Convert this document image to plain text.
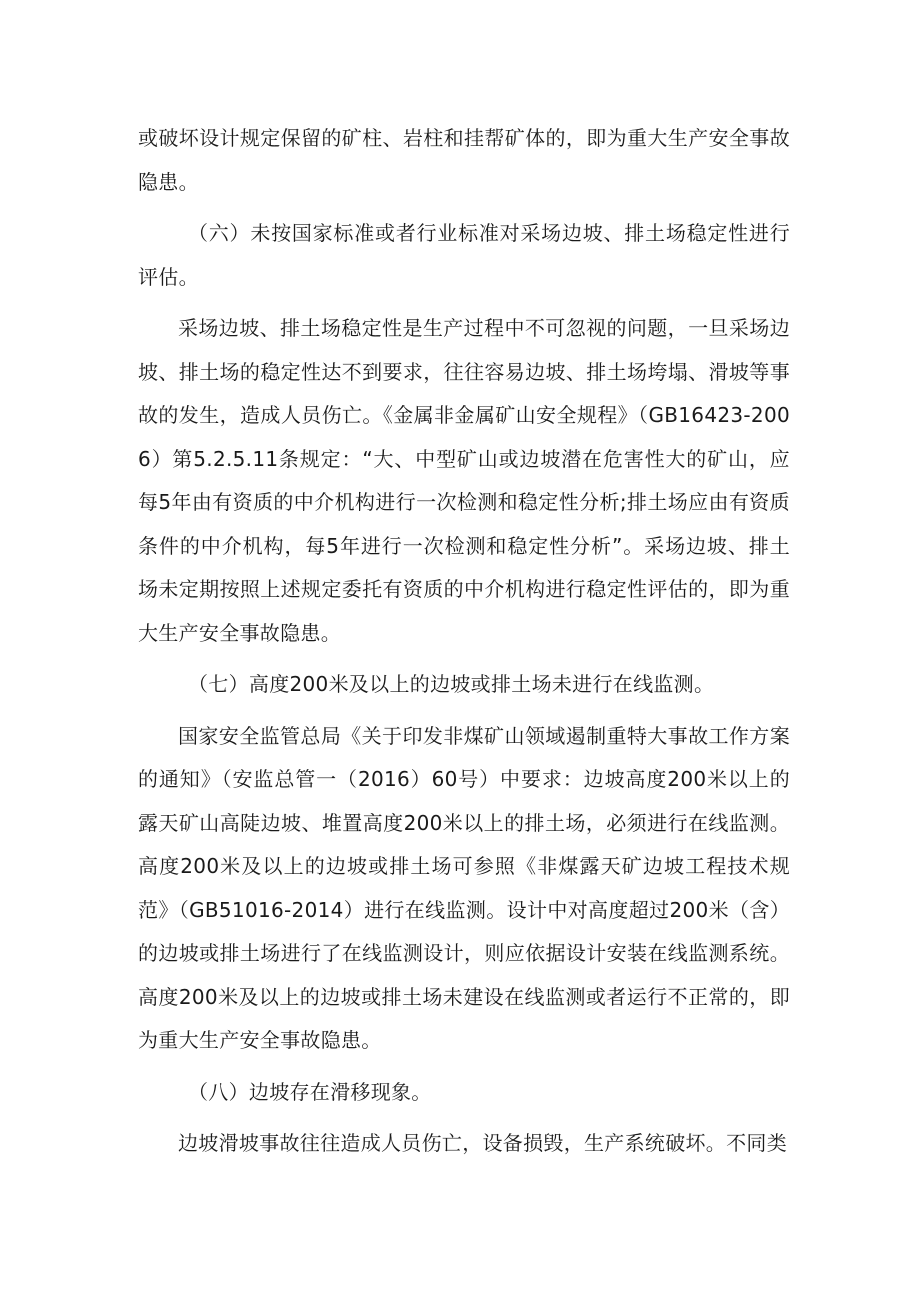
或破坏设计规定保留的矿柱、岩柱和挂帮矿体的，即为重大生产安全事故隐患。

（六）未按国家标准或者行业标准对采场边坡、排土场稳定性进行评估。

采场边坡、排土场稳定性是生产过程中不可忽视的问题，一旦采场边坡、排土场的稳定性达不到要求，往往容易边坡、排土场垮塌、滑坡等事故的发生，造成人员伤亡。《金属非金属矿山安全规程》（GB16423-2006）第5.2.5.11条规定：“大、中型矿山或边坡潜在危害性大的矿山，应每5年由有资质的中介机构进行一次检测和稳定性分析;排土场应由有资质条件的中介机构，每5年进行一次检测和稳定性分析”。采场边坡、排土场未定期按照上述规定委托有资质的中介机构进行稳定性评估的，即为重大生产安全事故隐患。

（七）高度200米及以上的边坡或排土场未进行在线监测。

国家安全监管总局《关于印发非煤矿山领域遏制重特大事故工作方案的通知》（安监总管一（2016）60号）中要求：边坡高度200米以上的露天矿山高陡边坡、堆置高度200米以上的排土场，必须进行在线监测。高度200米及以上的边坡或排土场可参照《非煤露天矿边坡工程技术规范》（GB51016-2014）进行在线监测。设计中对高度超过200米（含）的边坡或排土场进行了在线监测设计，则应依据设计安装在线监测系统。高度200米及以上的边坡或排土场未建设在线监测或者运行不正常的，即为重大生产安全事故隐患。

（八）边坡存在滑移现象。

边坡滑坡事故往往造成人员伤亡，设备损毁，生产系统破坏。不同类
